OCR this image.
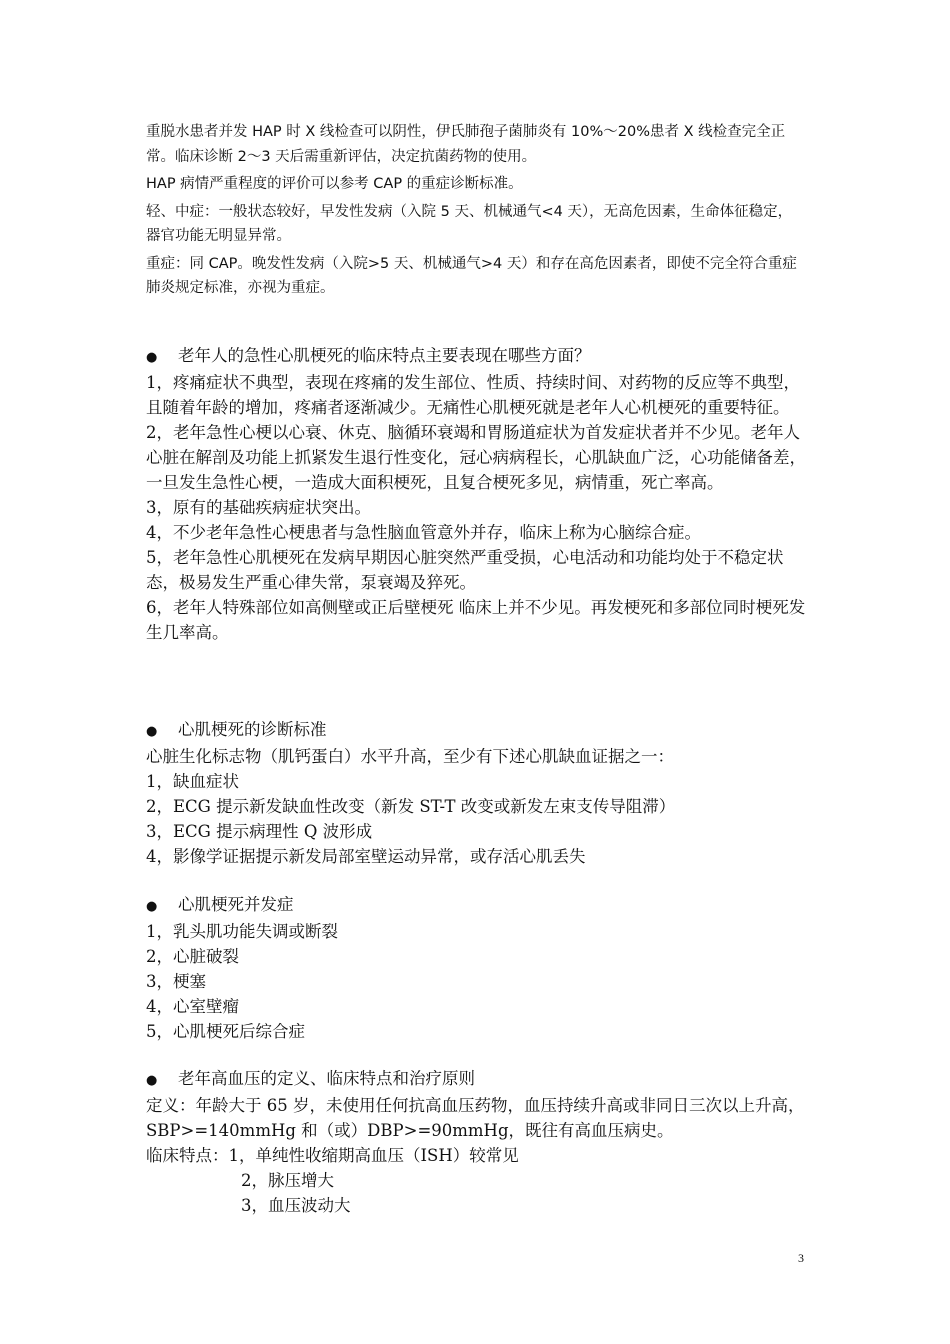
重脱水患者并发 HAP 时 X 线检查可以阴性，伊氏肺孢子菌肺炎有 10%～20%患者 X 线检查完全正常。临床诊断 2～3 天后需重新评估，决定抗菌药物的使用。

HAP 病情严重程度的评价可以参考 CAP 的重症诊断标准。

轻、中症：一般状态较好，早发性发病（入院 5 天、机械通气<4 天），无高危因素，生命体征稳定，器官功能无明显异常。

重症：同 CAP。晚发性发病（入院>5 天、机械通气>4 天）和存在高危因素者，即使不完全符合重症肺炎规定标准，亦视为重症。

● 老年人的急性心肌梗死的临床特点主要表现在哪些方面？

1，疼痛症状不典型，表现在疼痛的发生部位、性质、持续时间、对药物的反应等不典型，且随着年龄的增加，疼痛者逐渐减少。无痛性心肌梗死就是老年人心机梗死的重要特征。

2，老年急性心梗以心衰、休克、脑循环衰竭和胃肠道症状为首发症状者并不少见。老年人心脏在解剖及功能上抓紧发生退行性变化，冠心病病程长，心肌缺血广泛，心功能储备差，一旦发生急性心梗，一造成大面积梗死，且复合梗死多见，病情重，死亡率高。

3，原有的基础疾病症状突出。

4，不少老年急性心梗患者与急性脑血管意外并存，临床上称为心脑综合症。

5，老年急性心肌梗死在发病早期因心脏突然严重受损，心电活动和功能均处于不稳定状态，极易发生严重心律失常，泵衰竭及猝死。

6，老年人特殊部位如高侧壁或正后壁梗死 临床上并不少见。再发梗死和多部位同时梗死发生几率高。

● 心肌梗死的诊断标准

心脏生化标志物（肌钙蛋白）水平升高，至少有下述心肌缺血证据之一：

1，缺血症状

2，ECG 提示新发缺血性改变（新发 ST-T 改变或新发左束支传导阻滞）

3，ECG 提示病理性 Q 波形成

4，影像学证据提示新发局部室壁运动异常，或存活心肌丢失

● 心肌梗死并发症

1，乳头肌功能失调或断裂

2，心脏破裂

3，梗塞

4，心室壁瘤

5，心肌梗死后综合症

● 老年高血压的定义、临床特点和治疗原则

定义：年龄大于 65 岁，未使用任何抗高血压药物，血压持续升高或非同日三次以上升高，SBP>=140mmHg 和（或）DBP>=90mmHg，既往有高血压病史。

临床特点：1，单纯性收缩期高血压（ISH）较常见

2，脉压增大

3，血压波动大

3
